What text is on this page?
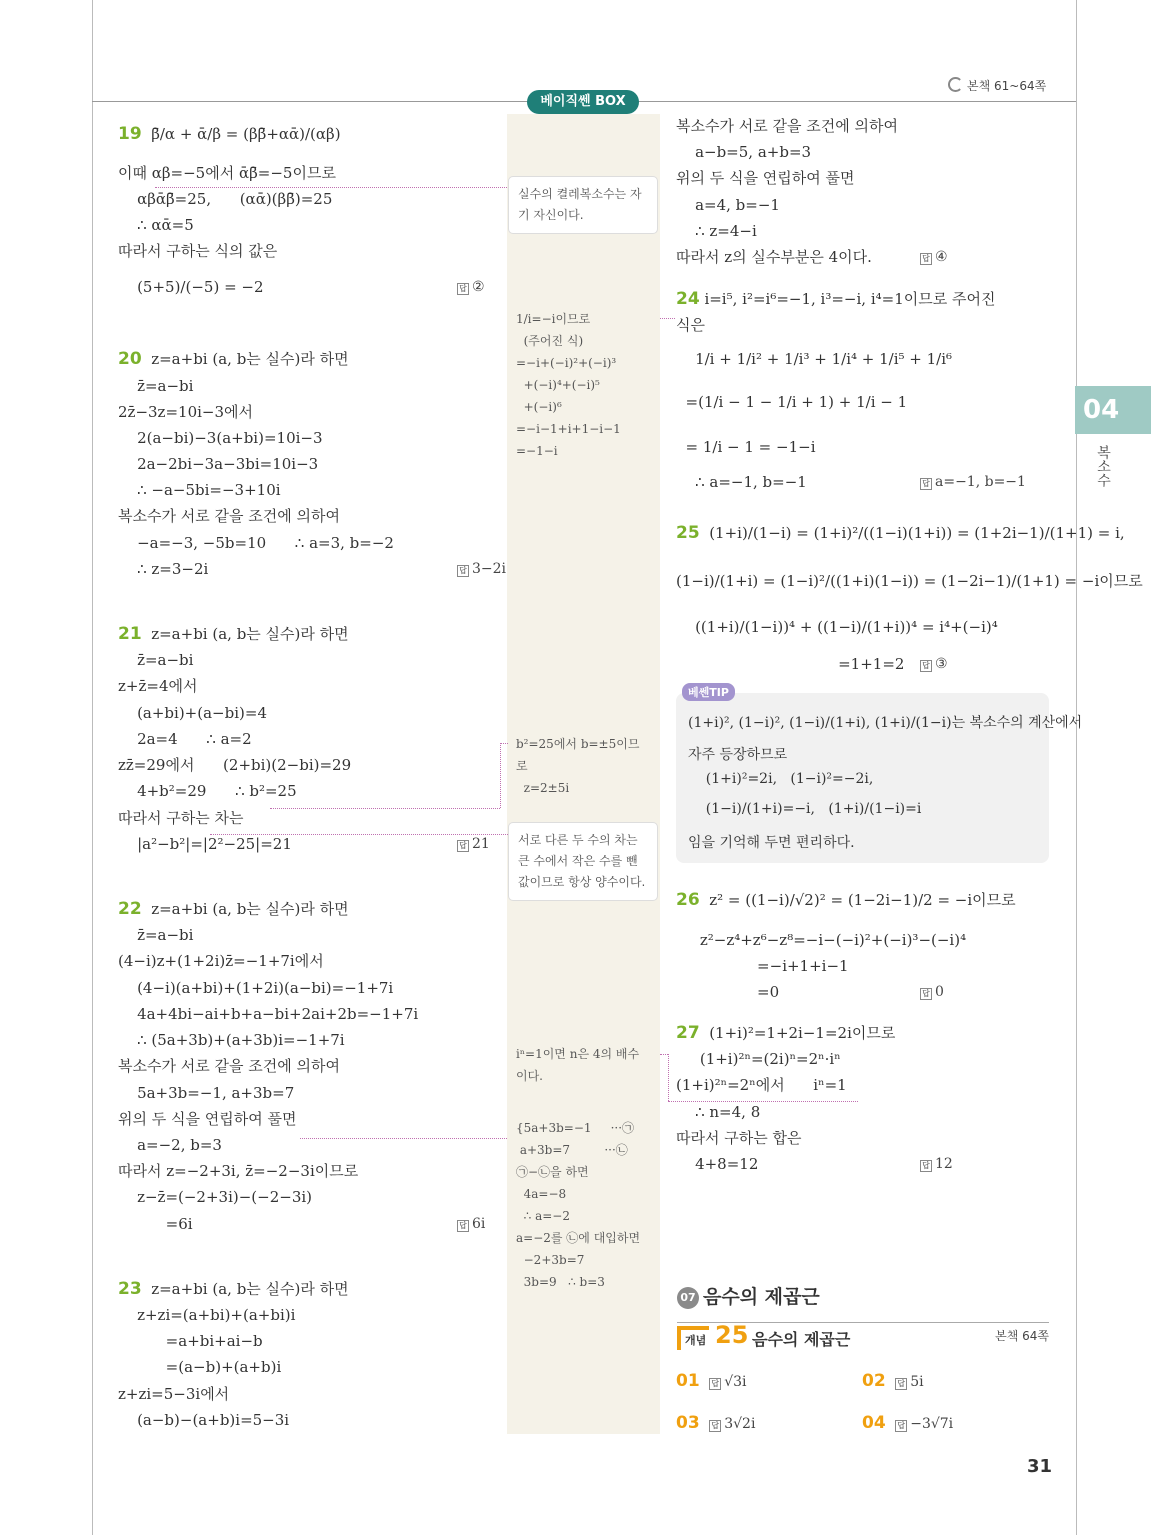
본책 61~64쪽
베이직쎈 BOX
04
복소수
베쎈TIP
19  β̄/α + ᾱ/β = (ββ̄+αᾱ)/(αβ)
이때 αβ=−5에서 ᾱβ̄=−5이므로
αβᾱβ̄=25,      (αᾱ)(ββ̄)=25
∴ αᾱ=5
따라서 구하는 식의 값은
(5+5)/(−5) = −2
20  z=a+bi (a, b는 실수)라 하면
z̄=a−bi
2z̄−3z=10i−3에서
2(a−bi)−3(a+bi)=10i−3
2a−2bi−3a−3bi=10i−3
∴ −a−5bi=−3+10i
복소수가 서로 같을 조건에 의하여
−a=−3, −5b=10      ∴ a=3, b=−2
∴ z=3−2i
21  z=a+bi (a, b는 실수)라 하면
z̄=a−bi
z+z̄=4에서
(a+bi)+(a−bi)=4
2a=4      ∴ a=2
zz̄=29에서      (2+bi)(2−bi)=29
4+b²=29      ∴ b²=25
따라서 구하는 차는
|a²−b²|=|2²−25|=21
22  z=a+bi (a, b는 실수)라 하면
z̄=a−bi
(4−i)z+(1+2i)z̄=−1+7i에서
(4−i)(a+bi)+(1+2i)(a−bi)=−1+7i
4a+4bi−ai+b+a−bi+2ai+2b=−1+7i
∴ (5a+3b)+(a+3b)i=−1+7i
복소수가 서로 같을 조건에 의하여
5a+3b=−1, a+3b=7
위의 두 식을 연립하여 풀면
a=−2, b=3
따라서 z=−2+3i, z̄=−2−3i이므로
z−z̄=(−2+3i)−(−2−3i)
=6i
23  z=a+bi (a, b는 실수)라 하면
z+zi=(a+bi)+(a+bi)i
=a+bi+ai−b
=(a−b)+(a+b)i
z+zi=5−3i에서
(a−b)−(a+b)i=5−3i
답 ②
답 3−2i
답 21
답 6i
실수의 켤레복소수는 자기 자신이다.
서로 다른 두 수의 차는 큰 수에서 작은 수를 뺀 값이므로 항상 양수이다.
1/i=−i이므로
(주어진 식)
=−i+(−i)²+(−i)³
+(−i)⁴+(−i)⁵
+(−i)⁶
=−i−1+i+1−i−1
=−1−i
b²=25에서 b=±5이므
로
z=2±5i
iⁿ=1이면 n은 4의 배수
이다.
{5a+3b=−1     ···㉠
a+3b=7         ···㉡
㉠−㉡을 하면
4a=−8
∴ a=−2
a=−2를 ㉡에 대입하면
−2+3b=7
3b=9   ∴ b=3
복소수가 서로 같을 조건에 의하여
a−b=5, a+b=3
위의 두 식을 연립하여 풀면
a=4, b=−1
∴ z=4−i
따라서 z의 실수부분은 4이다.
24 i=i⁵, i²=i⁶=−1, i³=−i, i⁴=1이므로 주어진
식은
1/i + 1/i² + 1/i³ + 1/i⁴ + 1/i⁵ + 1/i⁶
=(1/i − 1 − 1/i + 1) + 1/i − 1
= 1/i − 1 = −1−i
∴ a=−1, b=−1
25  (1+i)/(1−i) = (1+i)²/((1−i)(1+i)) = (1+2i−1)/(1+1) = i,
(1−i)/(1+i) = (1−i)²/((1+i)(1−i)) = (1−2i−1)/(1+1) = −i이므로
((1+i)/(1−i))⁴ + ((1−i)/(1+i))⁴ = i⁴+(−i)⁴
=1+1=2
26  z² = ((1−i)/√2)² = (1−2i−1)/2 = −i이므로
z²−z⁴+z⁶−z⁸=−i−(−i)²+(−i)³−(−i)⁴
=−i+1+i−1
=0
27  (1+i)²=1+2i−1=2i이므로
(1+i)²ⁿ=(2i)ⁿ=2ⁿ·iⁿ
(1+i)²ⁿ=2ⁿ에서      iⁿ=1
∴ n=4, 8
따라서 구하는 합은
4+8=12
답 ④
답 a=−1, b=−1
답 ③
답 0
답 12
(1+i)², (1−i)², (1−i)/(1+i), (1+i)/(1−i)는 복소수의 계산에서
자주 등장하므로
(1+i)²=2i,   (1−i)²=−2i,
(1−i)/(1+i)=−i,   (1+i)/(1−i)=i
임을 기억해 두면 편리하다.
07 음수의 제곱근
개념 25 음수의 제곱근	본책 64쪽
01 답 √3i	02 답 5i
03 답 3√2i	04 답 −3√7i
31
